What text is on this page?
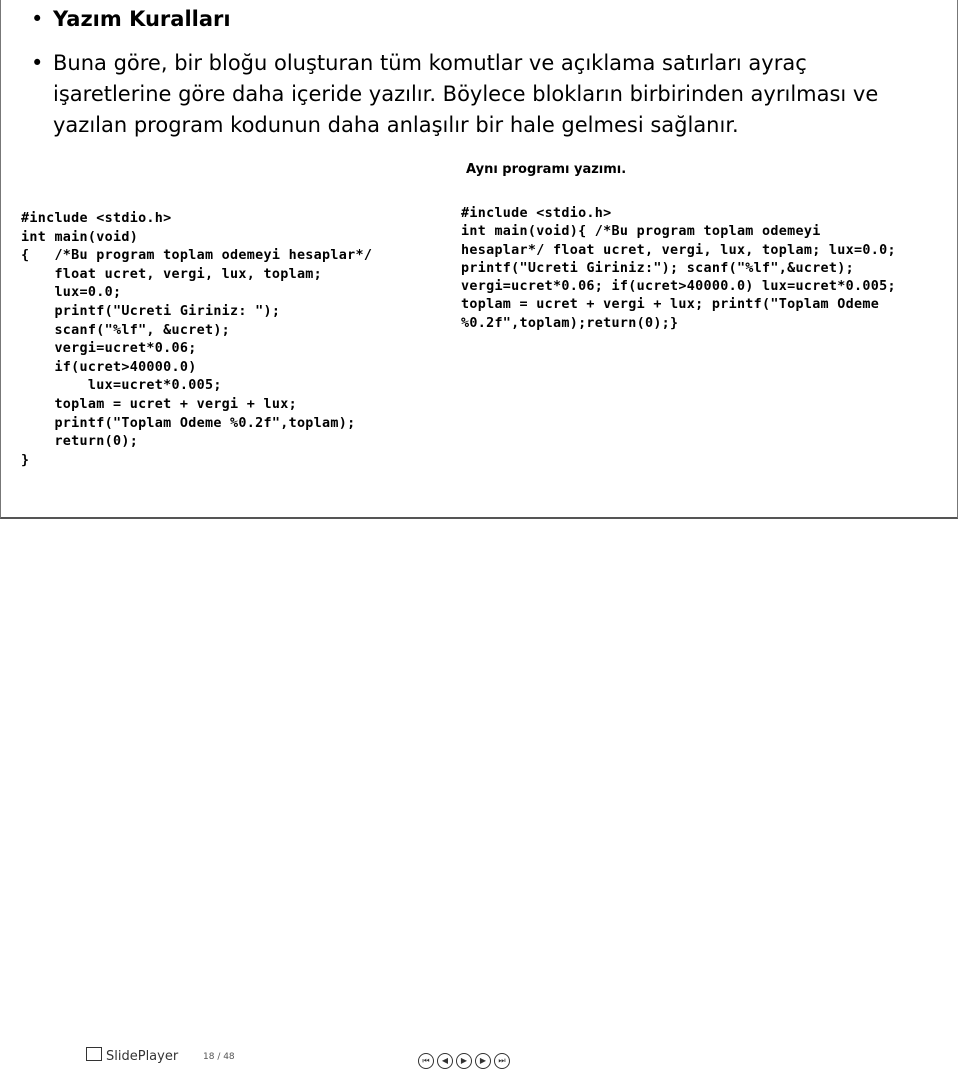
• Yazım Kuralları
• Buna göre, bir bloğu oluşturan tüm komutlar ve açıklama satırları ayraç işaretlerine göre daha içeride yazılır. Böylece blokların birbirinden ayrılması ve yazılan program kodunun daha anlaşılır bir hale gelmesi sağlanır.
Aynı programı yazımı.
#include <stdio.h>
int main(void)
{   /*Bu program toplam odemeyi hesaplar*/
float ucret, vergi, lux, toplam;
lux=0.0;
printf("Ucreti Giriniz: ");
scanf("%lf", &ucret);
vergi=ucret*0.06;
if(ucret>40000.0)
lux=ucret*0.005;
toplam = ucret + vergi + lux;
printf("Toplam Odeme %0.2f",toplam);
return(0);
}
#include <stdio.h>
int main(void){ /*Bu program toplam odemeyi
hesaplar*/ float ucret, vergi, lux, toplam; lux=0.0;
printf("Ucreti Giriniz:"); scanf("%lf",&ucret);
vergi=ucret*0.06; if(ucret>40000.0) lux=ucret*0.005;
toplam = ucret + vergi + lux; printf("Toplam Odeme
%0.2f",toplam);return(0);}
SlidePlayer	18 / 48	⏮ ◀ ▶ ▶ ⏭
